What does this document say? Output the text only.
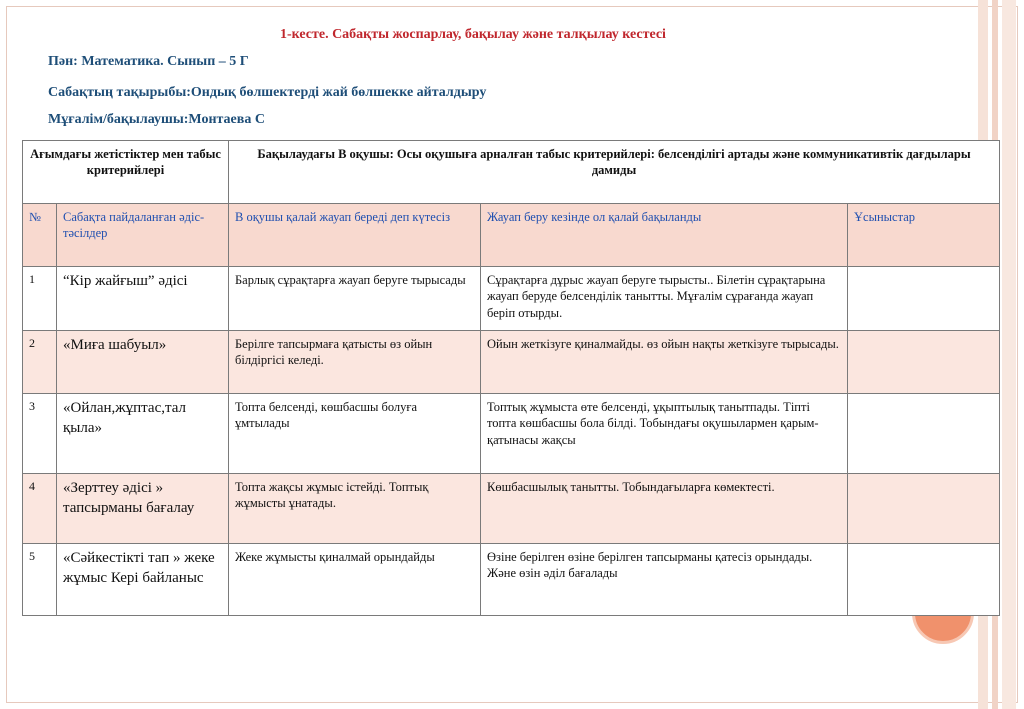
1-кесте. Сабақты жоспарлау, бақылау және талқылау кестесі
Пән: Математика. Сынып – 5 Г
Сабақтың тақырыбы:Ондық бөлшектерді жай бөлшекке айталдыру
Мұғалім/бақылаушы:Монтаева С
Ағымдағы жетістіктер мен табыс критерийлері		Бақылаудағы В оқушы: Осы оқушыға арналған табыс критерийлері: белсенділігі артады және коммуникативтік дағдылары дамиды		
№	Сабақта пайдаланған әдіс-тәсілдер	В оқушы қалай жауап береді деп күтесіз	Жауап беру кезінде ол қалай бақыланды	Ұсыныстар
1	“Кір жайғыш” әдісі	Барлық сұрақтарға жауап беруге тырысады	Сұрақтарға дұрыс жауап беруге тырысты.. Білетін сұрақтарына жауап беруде белсенділік танытты. Мұғалім сұрағанда жауап беріп отырды.	
2	«Миға шабуыл»	Берілге тапсырмаға қатысты өз ойын білдіргісі келеді.	Ойын жеткізуге қиналмайды. өз ойын нақты жеткізуге тырысады.	
3	«Ойлан,жұптас,тал қыла»	Топта белсенді, көшбасшы болуға ұмтылады	Топтық жұмыста өте белсенді, ұқыптылық танытпады. Тіпті топта көшбасшы бола білді. Тобындағы оқушылармен қарым-қатынасы жақсы	
4	«Зерттеу әдісі » тапсырманы бағалау	Топта жақсы жұмыс істейді. Топтық жұмысты ұнатады.	Көшбасшылық танытты. Тобындағыларға көмектесті.	
5	«Сәйкестікті тап » жеке жұмыс Кері байланыс	Жеке жұмысты қиналмай орындайды	Өзіне берілген өзіне берілген тапсырманы қатесіз орындады. Және өзін әділ бағалады	
